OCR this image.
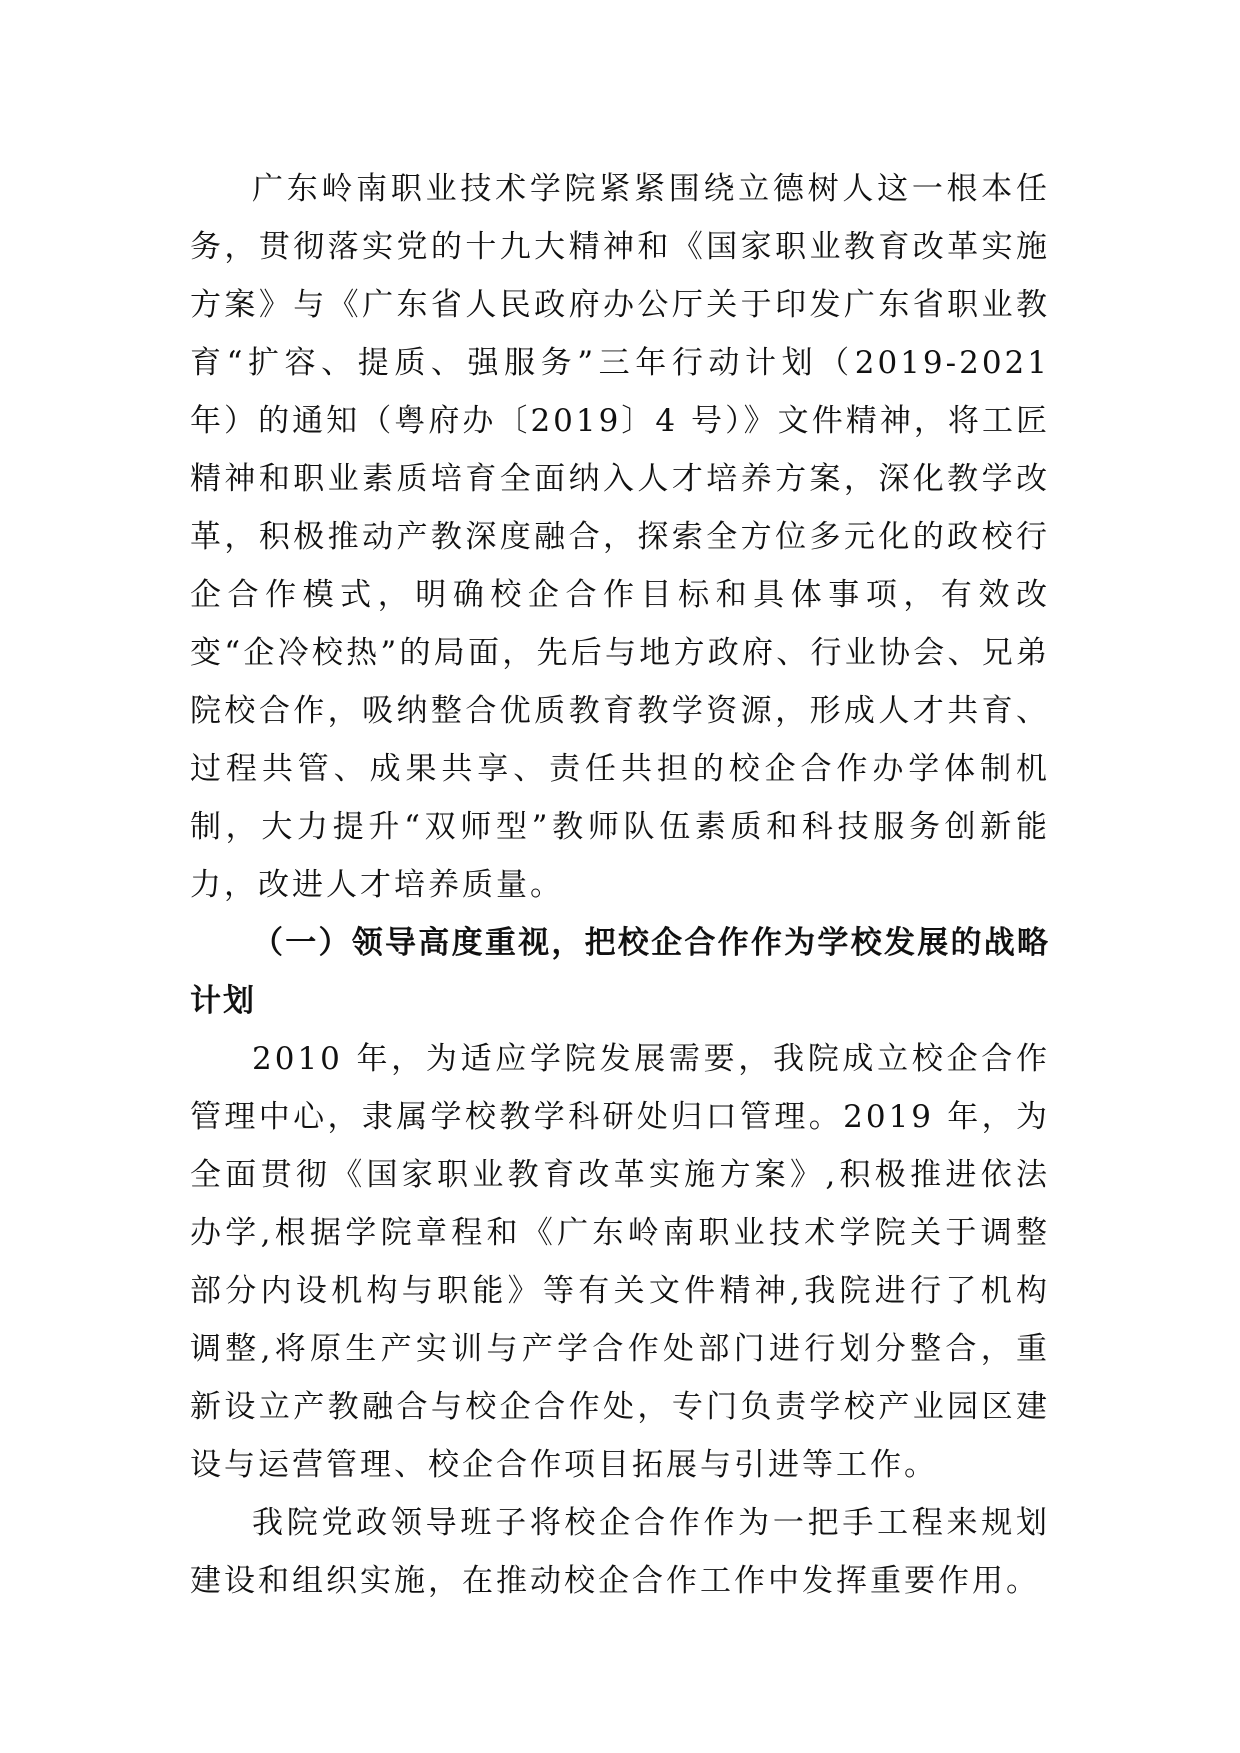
广东岭南职业技术学院紧紧围绕立德树人这一根本任务，贯彻落实党的十九大精神和《国家职业教育改革实施方案》与《广东省人民政府办公厅关于印发广东省职业教育“扩容、提质、强服务”三年行动计划（2019-2021 年）的通知（粤府办〔2019〕4 号）》文件精神，将工匠精神和职业素质培育全面纳入人才培养方案，深化教学改革，积极推动产教深度融合，探索全方位多元化的政校行企合作模式，明确校企合作目标和具体事项，有效改变“企冷校热”的局面，先后与地方政府、行业协会、兄弟院校合作，吸纳整合优质教育教学资源，形成人才共育、过程共管、成果共享、责任共担的校企合作办学体制机制，大力提升“双师型”教师队伍素质和科技服务创新能力，改进人才培养质量。

（一）领导高度重视，把校企合作作为学校发展的战略计划

2010 年，为适应学院发展需要，我院成立校企合作管理中心，隶属学校教学科研处归口管理。2019 年，为全面贯彻《国家职业教育改革实施方案》,积极推进依法办学,根据学院章程和《广东岭南职业技术学院关于调整部分内设机构与职能》等有关文件精神,我院进行了机构调整,将原生产实训与产学合作处部门进行划分整合，重新设立产教融合与校企合作处，专门负责学校产业园区建设与运营管理、校企合作项目拓展与引进等工作。

我院党政领导班子将校企合作作为一把手工程来规划建设和组织实施，在推动校企合作工作中发挥重要作用。
